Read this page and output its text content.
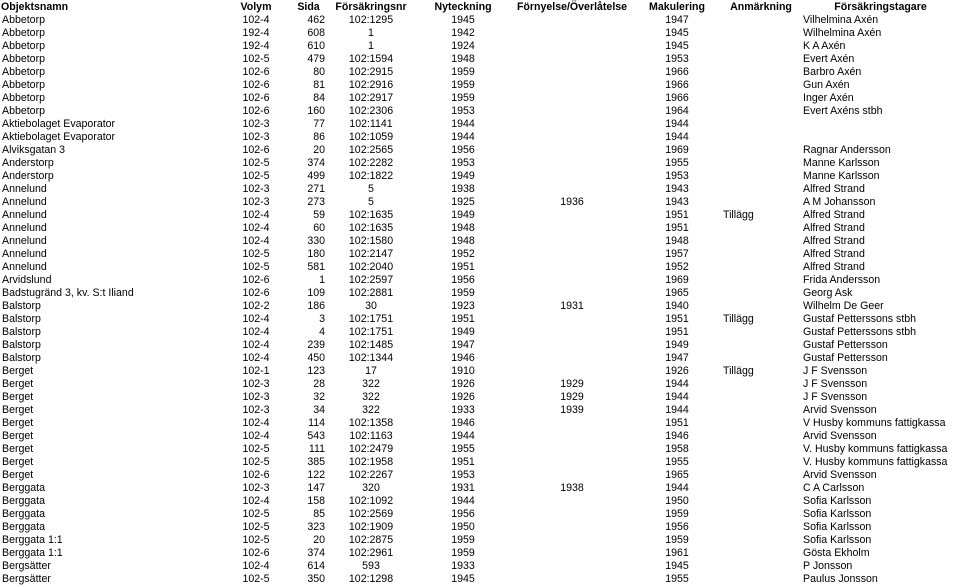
Objektsnamn	Volym	Sida	Försäkringsnr	Nyteckning	Förnyelse/Överlåtelse	Makulering	Anmärkning	Försäkringstagare
Abbetorp	102-4	462	102:1295	1945		1947		Vilhelmina Axén
Abbetorp	192-4	608	1	1942		1945		Wilhelmina Axén
Abbetorp	192-4	610	1	1924		1945		K A Axén
Abbetorp	102-5	479	102:1594	1948		1953		Evert Axén
Abbetorp	102-6	80	102:2915	1959		1966		Barbro Axén
Abbetorp	102-6	81	102:2916	1959		1966		Gun Axén
Abbetorp	102-6	84	102:2917	1959		1966		Inger Axén
Abbetorp	102-6	160	102:2306	1953		1964		Evert Axéns stbh
Aktiebolaget Evaporator	102-3	77	102:1141	1944		1944		
Aktiebolaget Evaporator	102-3	86	102:1059	1944		1944		
Alviksgatan 3	102-6	20	102:2565	1956		1969		Ragnar Andersson
Anderstorp	102-5	374	102:2282	1953		1955		Manne Karlsson
Anderstorp	102-5	499	102:1822	1949		1953		Manne Karlsson
Annelund	102-3	271	5	1938		1943		Alfred Strand
Annelund	102-3	273	5	1925	1936	1943		A M Johansson
Annelund	102-4	59	102:1635	1949		1951	Tillägg	Alfred Strand
Annelund	102-4	60	102:1635	1948		1951		Alfred Strand
Annelund	102-4	330	102:1580	1948		1948		Alfred Strand
Annelund	102-5	180	102:2147	1952		1957		Alfred Strand
Annelund	102-5	581	102:2040	1951		1952		Alfred Strand
Arvidslund	102-6	1	102:2597	1956		1969		Frida Andersson
Badstugränd 3, kv. S:t Iliand	102-6	109	102:2881	1959		1965		Georg Ask
Balstorp	102-2	186	30	1923	1931	1940		Wilhelm De Geer
Balstorp	102-4	3	102:1751	1951		1951	Tillägg	Gustaf Petterssons stbh
Balstorp	102-4	4	102:1751	1949		1951		Gustaf Petterssons stbh
Balstorp	102-4	239	102:1485	1947		1949		Gustaf Pettersson
Balstorp	102-4	450	102:1344	1946		1947		Gustaf Pettersson
Berget	102-1	123	17	1910		1926	Tillägg	J F Svensson
Berget	102-3	28	322	1926	1929	1944		J F Svensson
Berget	102-3	32	322	1926	1929	1944		J F Svensson
Berget	102-3	34	322	1933	1939	1944		Arvid Svensson
Berget	102-4	114	102:1358	1946		1951		V Husby kommuns fattigkassa
Berget	102-4	543	102:1163	1944		1946		Arvid Svensson
Berget	102-5	111	102:2479	1955		1958		V. Husby kommuns fattigkassa
Berget	102-5	385	102:1958	1951		1955		V. Husby kommuns fattigkassa
Berget	102-6	122	102:2267	1953		1965		Arvid Svensson
Berggata	102-3	147	320	1931	1938	1944		C A Carlsson
Berggata	102-4	158	102:1092	1944		1950		Sofia Karlsson
Berggata	102-5	85	102:2569	1956		1959		Sofia Karlsson
Berggata	102-5	323	102:1909	1950		1956		Sofia Karlsson
Berggata 1:1	102-5	20	102:2875	1959		1959		Sofia Karlsson
Berggata 1:1	102-6	374	102:2961	1959		1961		Gösta Ekholm
Bergsätter	102-4	614	593	1933		1945		P Jonsson
Bergsätter	102-5	350	102:1298	1945		1955		Paulus Jonsson
